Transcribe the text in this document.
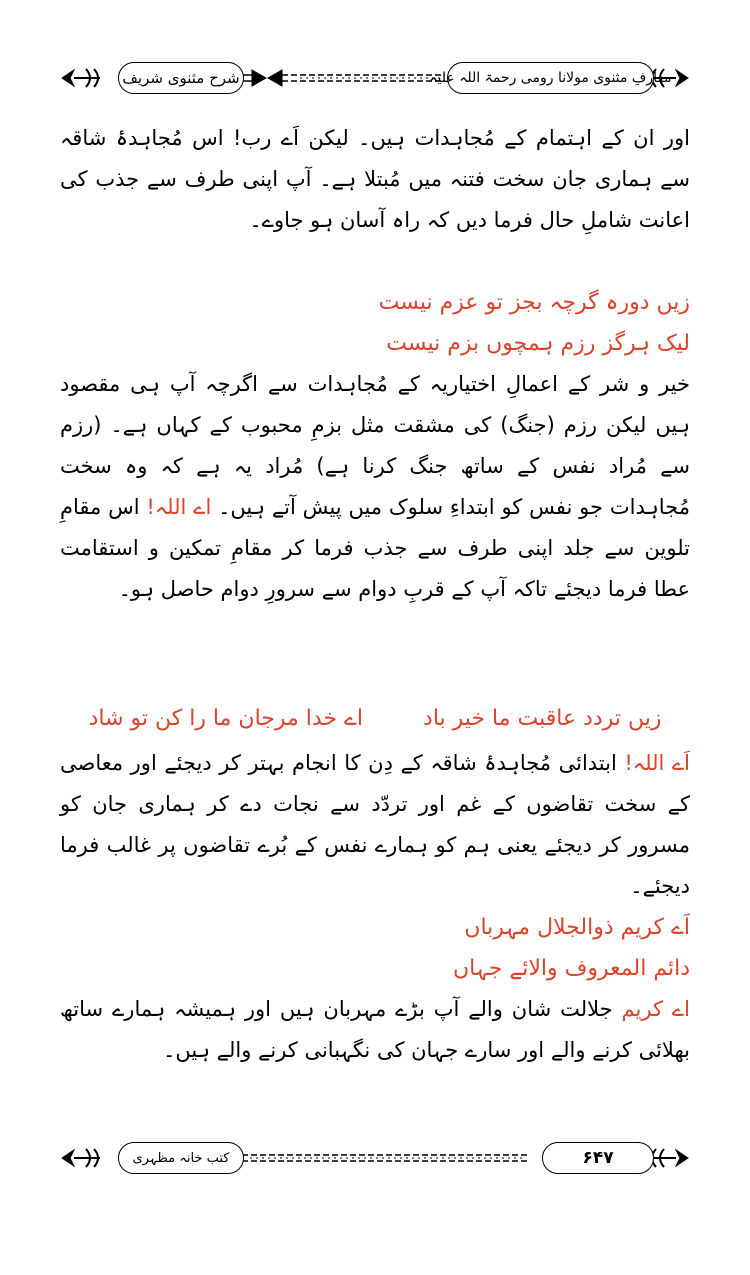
شرح مثنوی شریف	معارفِ مثنوی مولانا رومی رحمۃ اللہ علیہ

اور ان کے اہتمام کے مُجاہدات ہیں۔ لیکن اَے رب! اس مُجاہدۂ شاقہ سے ہماری جان سخت فتنہ میں مُبتلا ہے۔ آپ اپنی طرف سے جذب کی اعانت شاملِ حال فرما دیں کہ راہ آسان ہو جاوے۔

زیں دورہ گرچہ بجز تو عزم نیست

لیک ہرگز رزم ہمچوں بزم نیست

خیر و شر کے اعمالِ اختیاریہ کے مُجاہدات سے اگرچہ آپ ہی مقصود ہیں لیکن رزم (جنگ) کی مشقت مثل بزمِ محبوب کے کہاں ہے۔ (رزم سے مُراد نفس کے ساتھ جنگ کرنا ہے) مُراد یہ ہے کہ وہ سخت مُجاہدات جو نفس کو ابتداءِ سلوک میں پیش آتے ہیں۔ اے اللہ! اس مقامِ تلوین سے جلد اپنی طرف سے جذب فرما کر مقامِ تمکین و استقامت عطا فرما دیجئے تاکہ آپ کے قربِ دوام سے سرورِ دوام حاصل ہو۔

زیں تردد عاقبت ما خیر باد
اے خدا مرجان ما را کن تو شاد

اَے اللہ! ابتدائی مُجاہدۂ شاقہ کے دِن کا انجام بہتر کر دیجئے اور معاصی کے سخت تقاضوں کے غم اور تردّد سے نجات دے کر ہماری جان کو مسرور کر دیجئے یعنی ہم کو ہمارے نفس کے بُرے تقاضوں پر غالب فرما دیجئے۔

اَے کریم ذوالجلال مہرباں

دائم المعروف والائے جہاں

اے کریم جلالت شان والے آپ بڑے مہربان ہیں اور ہمیشہ ہمارے ساتھ بھلائی کرنے والے اور سارے جہان کی نگہبانی کرنے والے ہیں۔

کتب خانہ مظہری	۶۴۷
